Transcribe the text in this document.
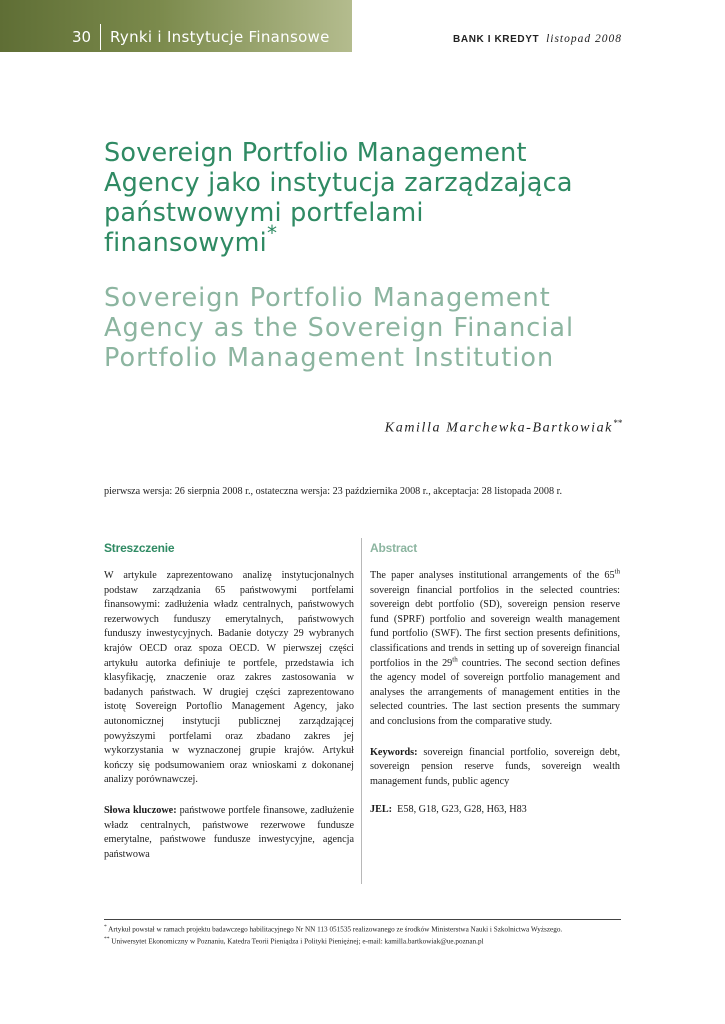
30 Rynki i Instytucje Finansowe	BANK I KREDYT listopad 2008
Sovereign Portfolio Management
Agency jako instytucja zarządzająca
państwowymi portfelami
finansowymi*
Sovereign Portfolio Management
Agency as the Sovereign Financial
Portfolio Management Institution
Kamilla Marchewka-Bartkowiak**
pierwsza wersja: 26 sierpnia 2008 r., ostateczna wersja: 23 października 2008 r., akceptacja: 28 listopada 2008 r.
Streszczenie

W artykule zaprezentowano analizę instytucjonalnych podstaw zarządzania 65 państwowymi portfelami finansowymi: zadłużenia władz centralnych, państwowych rezerwowych funduszy emerytalnych, państwowych funduszy inwestycyjnych. Badanie dotyczy 29 wybranych krajów OECD oraz spoza OECD. W pierwszej części artykułu autorka definiuje te portfele, przedstawia ich klasyfikację, znaczenie oraz zakres zastosowania w badanych państwach. W drugiej części zaprezentowano istotę Sovereign Portoflio Management Agency, jako autonomicznej instytucji publicznej zarządzającej powyższymi portfelami oraz zbadano zakres jej wykorzystania w wyznaczonej grupie krajów. Artykuł kończy się podsumowaniem oraz wnioskami z dokonanej analizy porównawczej.

Słowa kluczowe: państwowe portfele finansowe, zadłużenie władz centralnych, państwowe rezerwowe fundusze emerytalne, państwowe fundusze inwestycyjne, agencja państwowa

Abstract

The paper analyses institutional arrangements of the 65th sovereign financial portfolios in the selected countries: sovereign debt portfolio (SD), sovereign pension reserve fund (SPRF) portfolio and sovereign wealth management fund portfolio (SWF). The first section presents definitions, classifications and trends in setting up of sovereign financial portfolios in the 29th countries. The second section defines the agency model of sovereign portfolio management and analyses the arrangements of management entities in the selected countries. The last section presents the summary and conclusions from the comparative study.

Keywords: sovereign financial portfolio, sovereign debt, sovereign pension reserve funds, sovereign wealth management funds, public agency

JEL: E58, G18, G23, G28, H63, H83

* Artykuł powstał w ramach projektu badawczego habilitacyjnego Nr NN 113 051535 realizowanego ze środków Ministerstwa Nauki i Szkolnictwa Wyższego.
** Uniwersytet Ekonomiczny w Poznaniu, Katedra Teorii Pieniądza i Polityki Pieniężnej; e-mail: kamilla.bartkowiak@ue.poznan.pl
